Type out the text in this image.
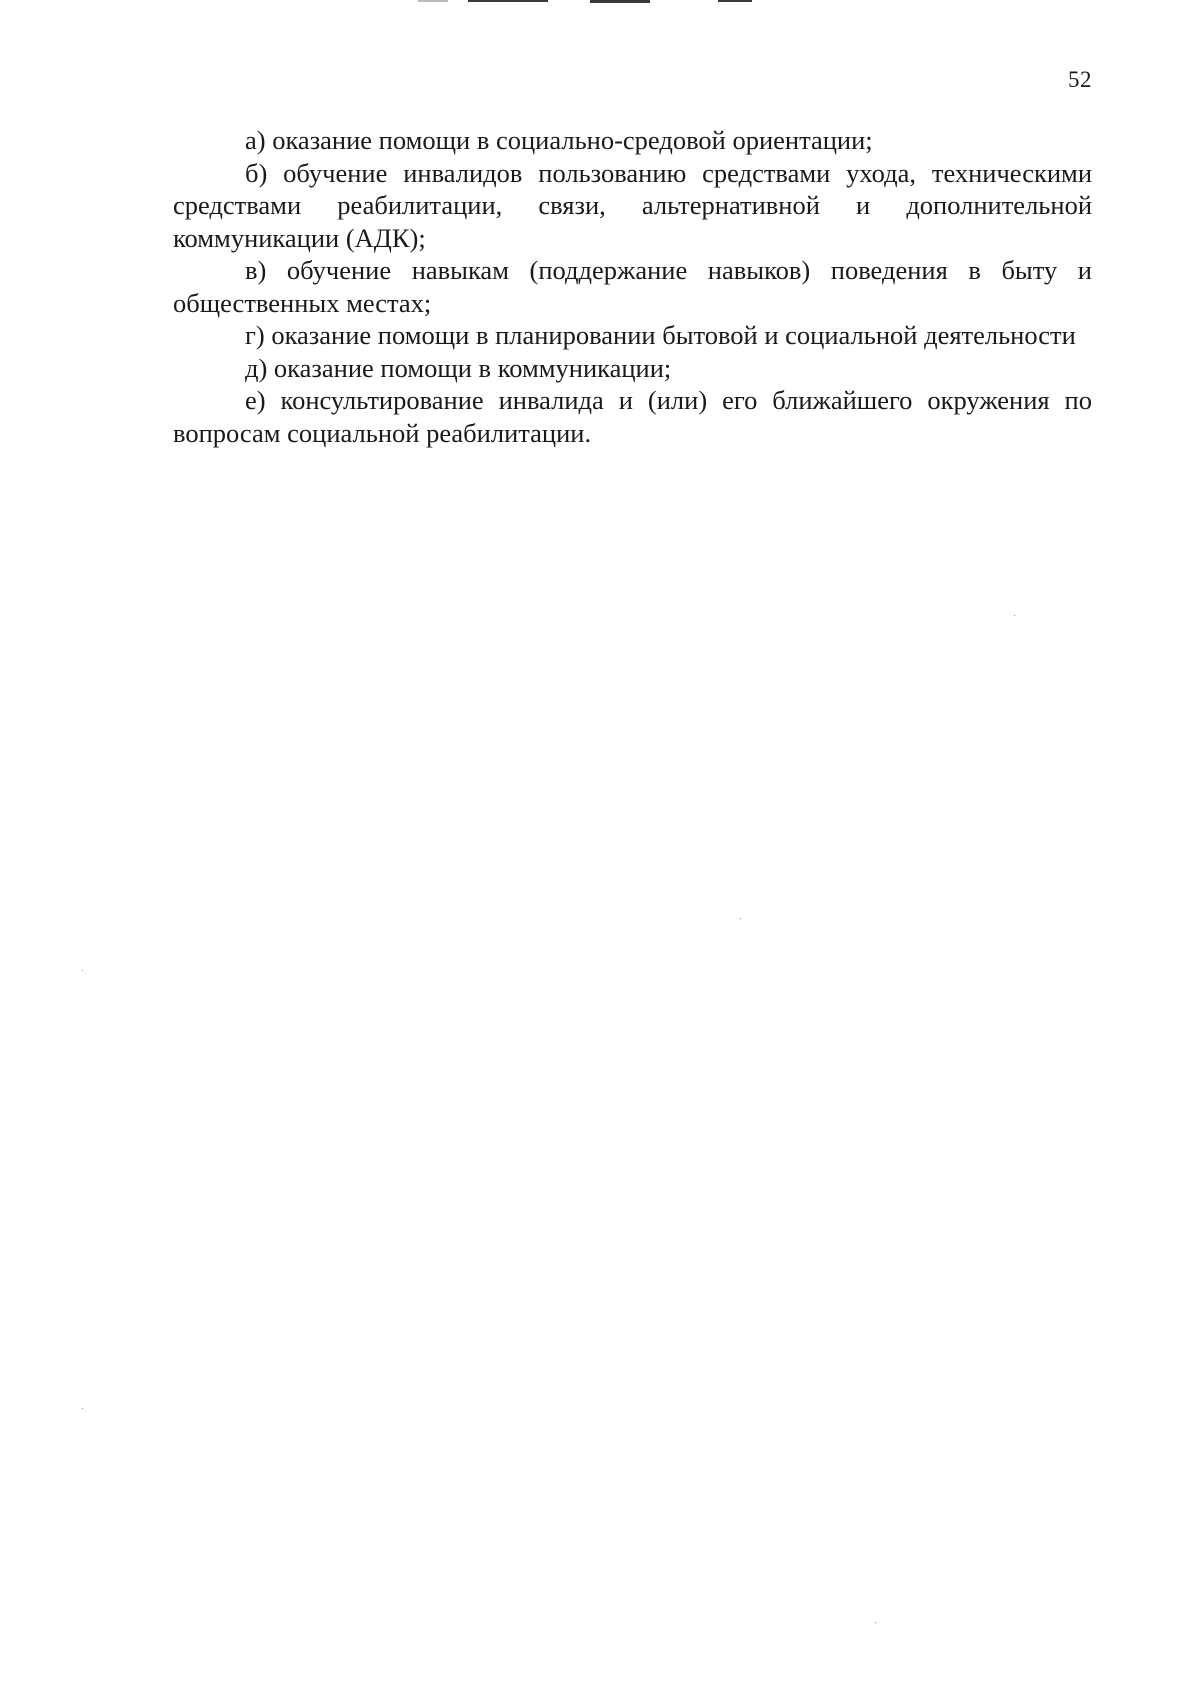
52

а) оказание помощи в социально-средовой ориентации;

б) обучение инвалидов пользованию средствами ухода, техническими средствами реабилитации, связи, альтернативной и дополнительной коммуникации (АДК);

в) обучение навыкам (поддержание навыков) поведения в быту и общественных местах;

г) оказание помощи в планировании бытовой и социальной деятельности

д) оказание помощи в коммуникации;

е) консультирование инвалида и (или) его ближайшего окружения по вопросам социальной реабилитации.
